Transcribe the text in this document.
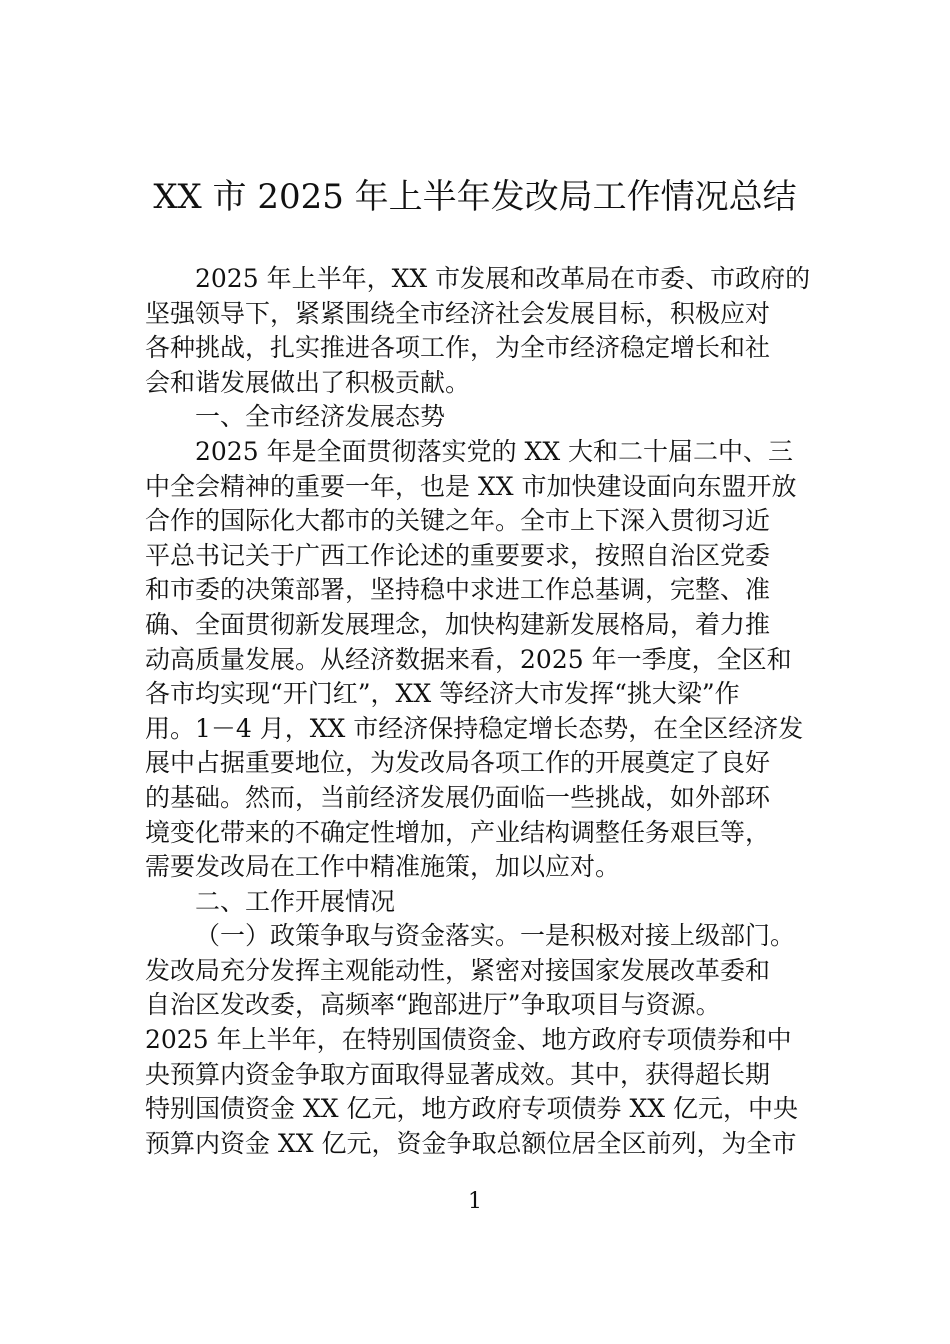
XX 市 2025 年上半年发改局工作情况总结
2025 年上半年，XX 市发展和改革局在市委、市政府的
坚强领导下，紧紧围绕全市经济社会发展目标，积极应对
各种挑战，扎实推进各项工作，为全市经济稳定增长和社
会和谐发展做出了积极贡献。
一、全市经济发展态势
2025 年是全面贯彻落实党的 XX 大和二十届二中、三
中全会精神的重要一年，也是 XX 市加快建设面向东盟开放
合作的国际化大都市的关键之年。全市上下深入贯彻习近
平总书记关于广西工作论述的重要要求，按照自治区党委
和市委的决策部署，坚持稳中求进工作总基调，完整、准
确、全面贯彻新发展理念，加快构建新发展格局，着力推
动高质量发展。从经济数据来看，2025 年一季度，全区和
各市均实现“开门红”，XX 等经济大市发挥“挑大梁”作
用。1－4 月，XX 市经济保持稳定增长态势，在全区经济发
展中占据重要地位，为发改局各项工作的开展奠定了良好
的基础。然而，当前经济发展仍面临一些挑战，如外部环
境变化带来的不确定性增加，产业结构调整任务艰巨等，
需要发改局在工作中精准施策，加以应对。
二、工作开展情况
（一）政策争取与资金落实。一是积极对接上级部门。
发改局充分发挥主观能动性，紧密对接国家发展改革委和
自治区发改委，高频率“跑部进厅”争取项目与资源。
2025 年上半年，在特别国债资金、地方政府专项债券和中
央预算内资金争取方面取得显著成效。其中，获得超长期
特别国债资金 XX 亿元，地方政府专项债券 XX 亿元，中央
预算内资金 XX 亿元，资金争取总额位居全区前列，为全市
1
